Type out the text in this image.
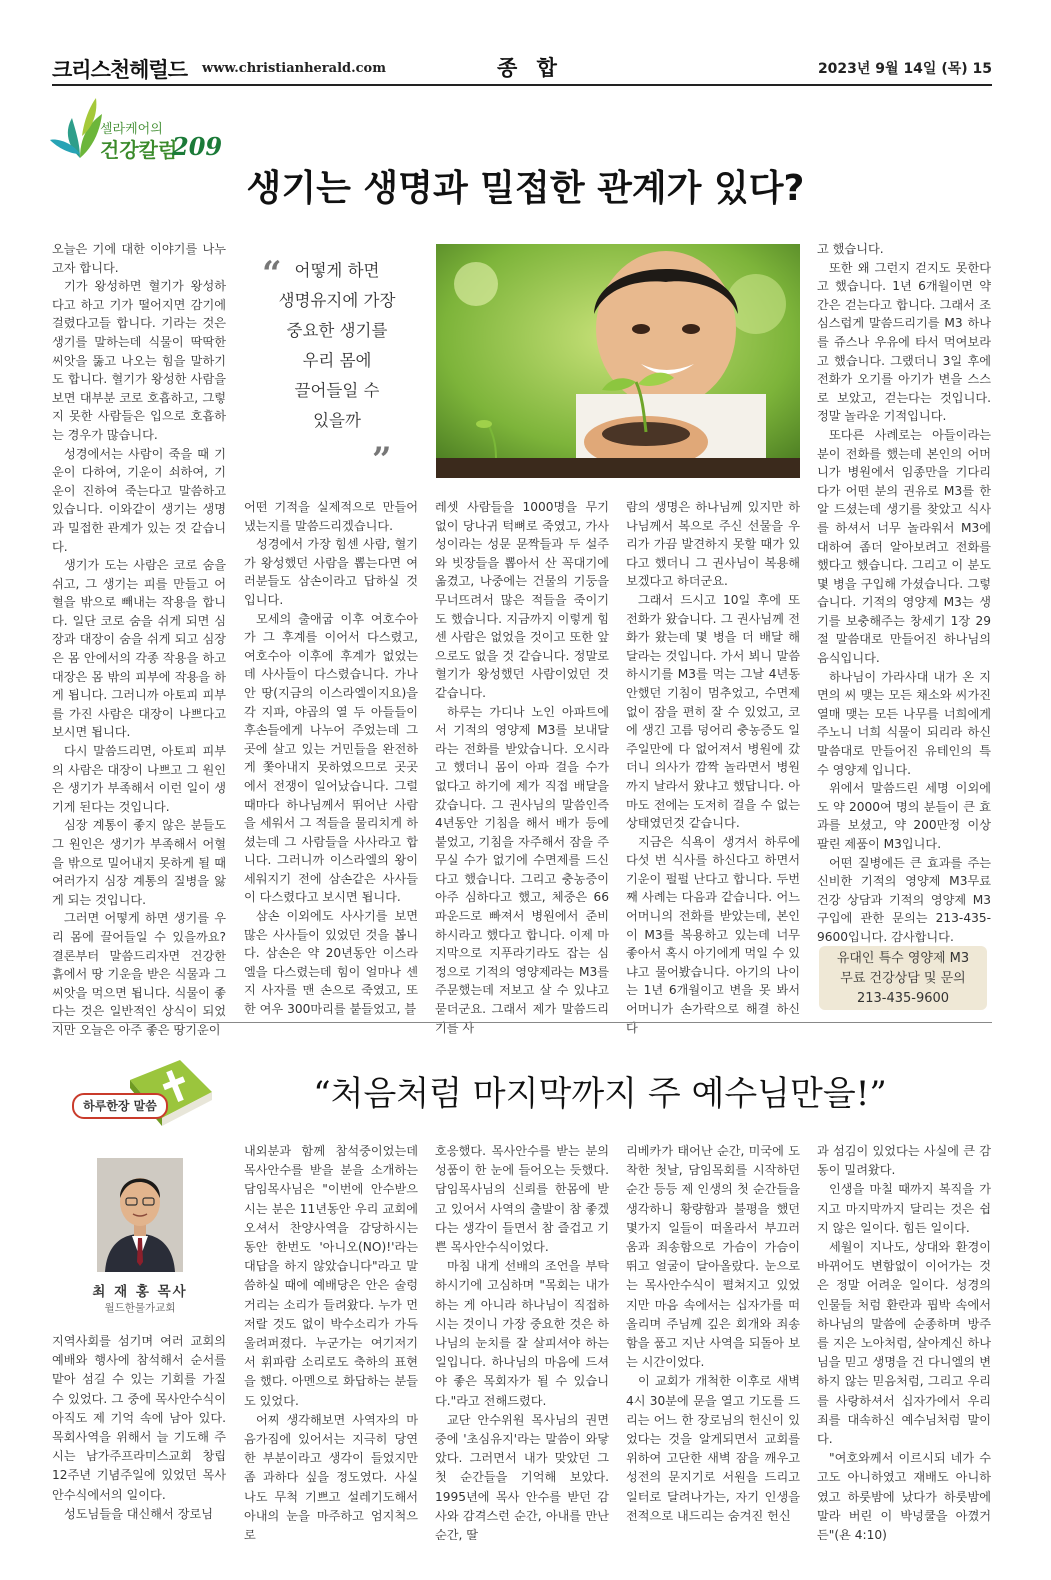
크리스천헤럴드 www.christianherald.com	종 합	2023년 9월 14일 (목) 15
셀라케어의
건강칼럼
209
생기는 생명과 밀접한 관계가 있다?

오늘은 기에 대한 이야기를 나누고자 합니다.

기가 왕성하면 혈기가 왕성하다고 하고 기가 떨어지면 감기에 걸렸다고들 합니다. 기라는 것은 생기를 말하는데 식물이 딱딱한 씨앗을 뚫고 나오는 힘을 말하기도 합니다. 혈기가 왕성한 사람을 보면 대부분 코로 호흡하고, 그렇지 못한 사람들은 입으로 호흡하는 경우가 많습니다.

성경에서는 사람이 죽을 때 기운이 다하여, 기운이 쇠하여, 기운이 진하여 죽는다고 말씀하고 있습니다. 이와같이 생기는 생명과 밀접한 관계가 있는 것 같습니다.

생기가 도는 사람은 코로 숨을 쉬고, 그 생기는 피를 만들고 어혈을 밖으로 빼내는 작용을 합니다. 일단 코로 숨을 쉬게 되면 심장과 대장이 숨을 쉬게 되고 심장은 몸 안에서의 각종 작용을 하고 대장은 몸 밖의 피부에 작용을 하게 됩니다. 그러니까 아토피 피부를 가진 사람은 대장이 나쁘다고 보시면 됩니다.

다시 말씀드리면, 아토피 피부의 사람은 대장이 나쁘고 그 원인은 생기가 부족해서 이런 일이 생기게 된다는 것입니다.

심장 계통이 좋지 않은 분들도 그 원인은 생기가 부족해서 어혈을 밖으로 밀어내지 못하게 될 때 여러가지 심장 계통의 질병을 앓게 되는 것입니다.

그러면 어떻게 하면 생기를 우리 몸에 끌어들일 수 있을까요? 결론부터 말씀드리자면 건강한 흙에서 땅 기운을 받은 식물과 그 씨앗을 먹으면 됩니다. 식물이 좋다는 것은 일반적인 상식이 되었지만 오늘은 아주 좋은 땅기운이

“ 어떻게 하면
생명유지에 가장
중요한 생기를
우리 몸에
끌어들일 수
있을까
”

어떤 기적을 실제적으로 만들어냈는지를 말씀드리겠습니다.

성경에서 가장 힘센 사람, 혈기가 왕성했던 사람을 뽑는다면 여러분들도 삼손이라고 답하실 것입니다.

모세의 출애굽 이후 여호수아가 그 후계를 이어서 다스렸고, 여호수아 이후에 후계가 없었는데 사사들이 다스렸습니다. 가나안 땅(지금의 이스라엘이지요)을 각 지파, 야곱의 열 두 아들들이 후손들에게 나누어 주었는데 그 곳에 살고 있는 거민들을 완전하게 쫓아내지 못하였으므로 곳곳에서 전쟁이 일어났습니다. 그럴 때마다 하나님께서 뛰어난 사람을 세워서 그 적들을 물리치게 하셨는데 그 사람들을 사사라고 합니다. 그러니까 이스라엘의 왕이 세워지기 전에 삼손같은 사사들이 다스렸다고 보시면 됩니다.

삼손 이외에도 사사기를 보면 많은 사사들이 있었던 것을 봅니다. 삼손은 약 20년동안 이스라엘을 다스렸는데 힘이 얼마나 센지 사자를 맨 손으로 죽였고, 또한 여우 300마리를 붙들었고, 블

레셋 사람들을 1000명을 무기 없이 당나귀 턱뼈로 죽였고, 가사성이라는 성문 문짝들과 두 설주와 빗장들을 뽑아서 산 꼭대기에 옮겼고, 나중에는 건물의 기둥을 무너뜨려서 많은 적들을 죽이기도 했습니다. 지금까지 이렇게 힘센 사람은 없었을 것이고 또한 앞으로도 없을 것 같습니다. 정말로 혈기가 왕성했던 사람이었던 것 같습니다.

하루는 가디나 노인 아파트에서 기적의 영양제 M3를 보내달라는 전화를 받았습니다. 오시라고 했더니 몸이 아파 걸을 수가 없다고 하기에 제가 직접 배달을 갔습니다. 그 권사님의 말씀인즉 4년동안 기침을 해서 배가 등에 붙었고, 기침을 자주해서 잠을 주무실 수가 없기에 수면제를 드신다고 했습니다. 그리고 충농증이 아주 심하다고 했고, 체중은 66파운드로 빠져서 병원에서 준비하시라고 했다고 합니다. 이제 마지막으로 지푸라기라도 잡는 심정으로 기적의 영양제라는 M3를 주문했는데 저보고 살 수 있냐고 묻더군요. 그래서 제가 말씀드리기를 사

람의 생명은 하나님께 있지만 하나님께서 복으로 주신 선물을 우리가 가끔 발견하지 못할 때가 있다고 했더니 그 권사님이 복용해 보겠다고 하더군요.

그래서 드시고 10일 후에 또 전화가 왔습니다. 그 권사님께 전화가 왔는데 몇 병을 더 배달 해달라는 것입니다. 가서 뵈니 말씀하시기를 M3를 먹는 그날 4년동안했던 기침이 멈추었고, 수면제 없이 잠을 편히 잘 수 있었고, 코에 생긴 고름 덩어리 충농증도 일주일만에 다 없어져서 병원에 갔더니 의사가 깜짝 놀라면서 병원까지 날라서 왔냐고 했답니다. 아마도 전에는 도저히 걸을 수 없는 상태였던것 같습니다.

지금은 식욕이 생겨서 하루에 다섯 번 식사를 하신다고 하면서 기운이 펄펄 난다고 합니다. 두번째 사례는 다음과 같습니다. 어느 어머니의 전화를 받았는데, 본인이 M3를 복용하고 있는데 너무 좋아서 혹시 아기에게 먹일 수 있냐고 물어봤습니다. 아기의 나이는 1년 6개월이고 변을 못 봐서 어머니가 손가락으로 해결 하신다

고 했습니다.

또한 왜 그런지 걷지도 못한다고 했습니다. 1년 6개월이면 약간은 걷는다고 합니다. 그래서 조심스럽게 말씀드리기를 M3 하나를 쥬스나 우유에 타서 먹여보라고 했습니다. 그랬더니 3일 후에 전화가 오기를 아기가 변을 스스로 보았고, 걷는다는 것입니다. 정말 놀라운 기적입니다.

또다른 사례로는 아들이라는 분이 전화를 했는데 본인의 어머니가 병원에서 임종만을 기다리다가 어떤 분의 권유로 M3를 한알 드셨는데 생기를 찾았고 식사를 하셔서 너무 놀라워서 M3에 대하여 좀더 알아보려고 전화를 했다고 했습니다. 그리고 이 분도 몇 병을 구입해 가셨습니다. 그렇습니다. 기적의 영양제 M3는 생기를 보충해주는 창세기 1장 29절 말씀대로 만들어진 하나님의 음식입니다.

하나님이 가라사대 내가 온 지면의 씨 맺는 모든 채소와 씨가진 열매 맺는 모든 나무를 너희에게 주노니 너희 식물이 되리라 하신 말씀대로 만들어진 유테인의 특수 영양제 입니다.

위에서 말씀드린 세명 이외에도 약 2000여 명의 분들이 큰 효과를 보셨고, 약 200만정 이상 팔린 제품이 M3입니다.

어떤 질병에든 큰 효과를 주는 신비한 기적의 영양제 M3무료 건강 상담과 기적의 영양제 M3구입에 관한 문의는 213-435-9600입니다. 감사합니다.

유대인 특수 영양제 M3
무료 건강상담 및 문의
213-435-9600
하루한장 말씀	“처음처럼 마지막까지 주 예수님만을!”
최 재 홍 목사
월드한물가교회

지역사회를 섬기며 여러 교회의 예배와 행사에 참석해서 순서를 맡아 섬길 수 있는 기회를 가질 수 있었다. 그 중에 목사안수식이 아직도 제 기억 속에 남아 있다. 목회사역을 위해서 늘 기도해 주시는 남가주프라미스교회 창립 12주년 기념주일에 있었던 목사안수식에서의 일이다.

성도님들을 대신해서 장로님

내외분과 함께 참석중이었는데 목사안수를 받을 분을 소개하는 담임목사님은 "이번에 안수받으시는 분은 11년동안 우리 교회에 오셔서 찬양사역을 감당하시는 동안 한번도 '아니오(NO)!'라는 대답을 하지 않았습니다"라고 말씀하실 때에 예배당은 안은 술렁거리는 소리가 들려왔다. 누가 먼저랄 것도 없이 박수소리가 가득 울려퍼졌다. 누군가는 여기저기서 휘파람 소리로도 축하의 표현을 했다. 아멘으로 화답하는 분들도 있었다.

어찌 생각해보면 사역자의 마음가짐에 있어서는 지극히 당연한 부분이라고 생각이 들었지만 좀 과하다 싶을 정도였다. 사실 나도 무척 기쁘고 설레기도해서 아내의 눈을 마주하고 엄지척으로

호응했다. 목사안수를 받는 분의 성품이 한 눈에 들어오는 듯했다. 담임목사님의 신뢰를 한몸에 받고 있어서 사역의 출발이 참 좋겠다는 생각이 들면서 참 즐겁고 기쁜 목사안수식이었다.

마침 내게 선배의 조언을 부탁하시기에 고심하며 "목회는 내가 하는 게 아니라 하나님이 직접하시는 것이니 가장 중요한 것은 하나님의 눈치를 잘 살피셔야 하는 일입니다. 하나님의 마음에 드셔야 좋은 목회자가 될 수 있습니다."라고 전해드렸다.

교단 안수위원 목사님의 권면중에 '초심유지'라는 말씀이 와닿았다. 그러면서 내가 맞았던 그 첫 순간들을 기억해 보았다. 1995년에 목사 안수를 받던 감사와 감격스런 순간, 아내를 만난 순간, 딸

리베카가 태어난 순간, 미국에 도착한 첫날, 담임목회를 시작하던 순간 등등 제 인생의 첫 순간들을 생각하니 황량함과 불평을 했던 몇가지 일들이 떠올라서 부끄러움과 죄송함으로 가슴이 가슴이 뛰고 얼굴이 달아올랐다. 눈으로는 목사안수식이 펼쳐지고 있었지만 마음 속에서는 십자가를 떠올리며 주님께 깊은 회개와 죄송함을 품고 지난 사역을 되돌아 보는 시간이었다.

이 교회가 개척한 이후로 새벽 4시 30분에 문을 열고 기도를 드리는 어느 한 장로님의 헌신이 있었다는 것을 알게되면서 교회를 위하여 고단한 새벽 잠을 깨우고 성전의 문지기로 서원을 드리고 일터로 달려나가는, 자기 인생을 전적으로 내드리는 숨겨진 헌신

과 섬김이 있었다는 사실에 큰 감동이 밀려왔다.

인생을 마칠 때까지 복직을 가지고 마지막까지 달리는 것은 쉽지 않은 일이다. 힘든 일이다.

세월이 지나도, 상대와 환경이 바뀌어도 변함없이 이어가는 것은 정말 어려운 일이다. 성경의 인물들 처럼 환란과 핍박 속에서 하나님의 말씀에 순종하며 방주를 지은 노아처럼, 살아계신 하나님을 믿고 생명을 건 다니엘의 변하지 않는 믿음처럼, 그리고 우리를 사랑하셔서 십자가에서 우리 죄를 대속하신 예수님처럼 말이다.

"여호와께서 이르시되 네가 수고도 아니하였고 재배도 아니하였고 하룻밤에 났다가 하룻밤에 말라 버린 이 박넝쿨을 아꼈거든"(욘 4:10)
